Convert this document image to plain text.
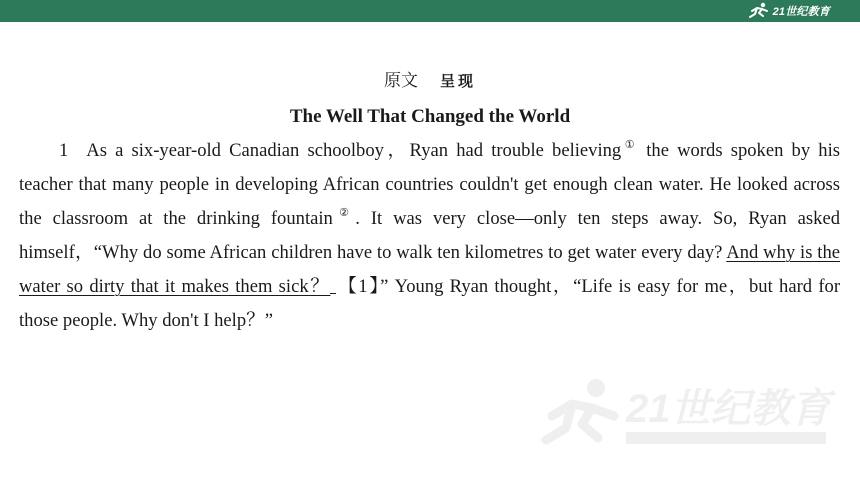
21世纪教育
原文 呈现
The Well That Changed the World
1 As a six-year-old Canadian schoolboy，Ryan had trouble believing① the words spoken by his teacher that many people in developing African countries couldn't get enough clean water. He looked across the classroom at the drinking fountain②. It was very close—only ten steps away. So, Ryan asked himself，“Why do some African children have to walk ten kilometres to get water every day? And why is the water so dirty that it makes them sick？ 【1】” Young Ryan thought，“Life is easy for me，but hard for those people. Why don't I help？”
21世纪教育
